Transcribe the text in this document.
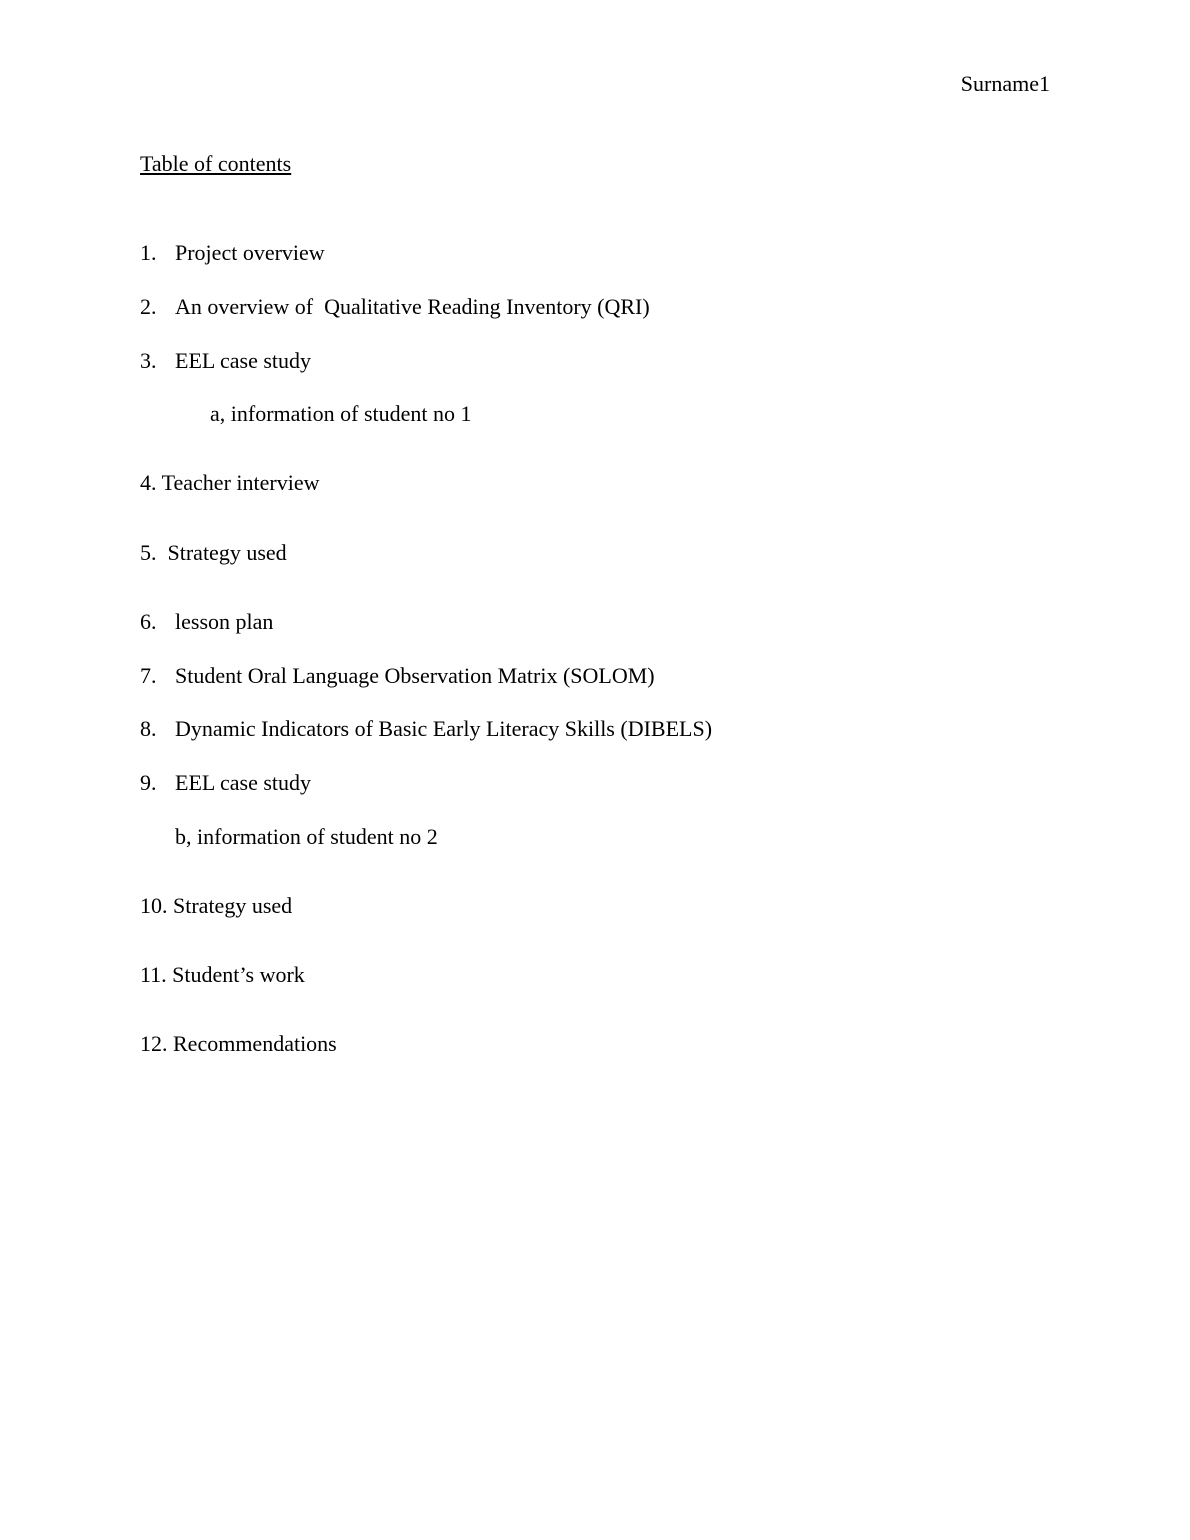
Surname1
Table of contents
1. Project overview
2. An overview of  Qualitative Reading Inventory (QRI)
3. EEL case study
a, information of student no 1
4. Teacher interview
5.  Strategy used
6. lesson plan
7. Student Oral Language Observation Matrix (SOLOM)
8. Dynamic Indicators of Basic Early Literacy Skills (DIBELS)
9. EEL case study
b, information of student no 2
10. Strategy used
11. Student’s work
12. Recommendations
